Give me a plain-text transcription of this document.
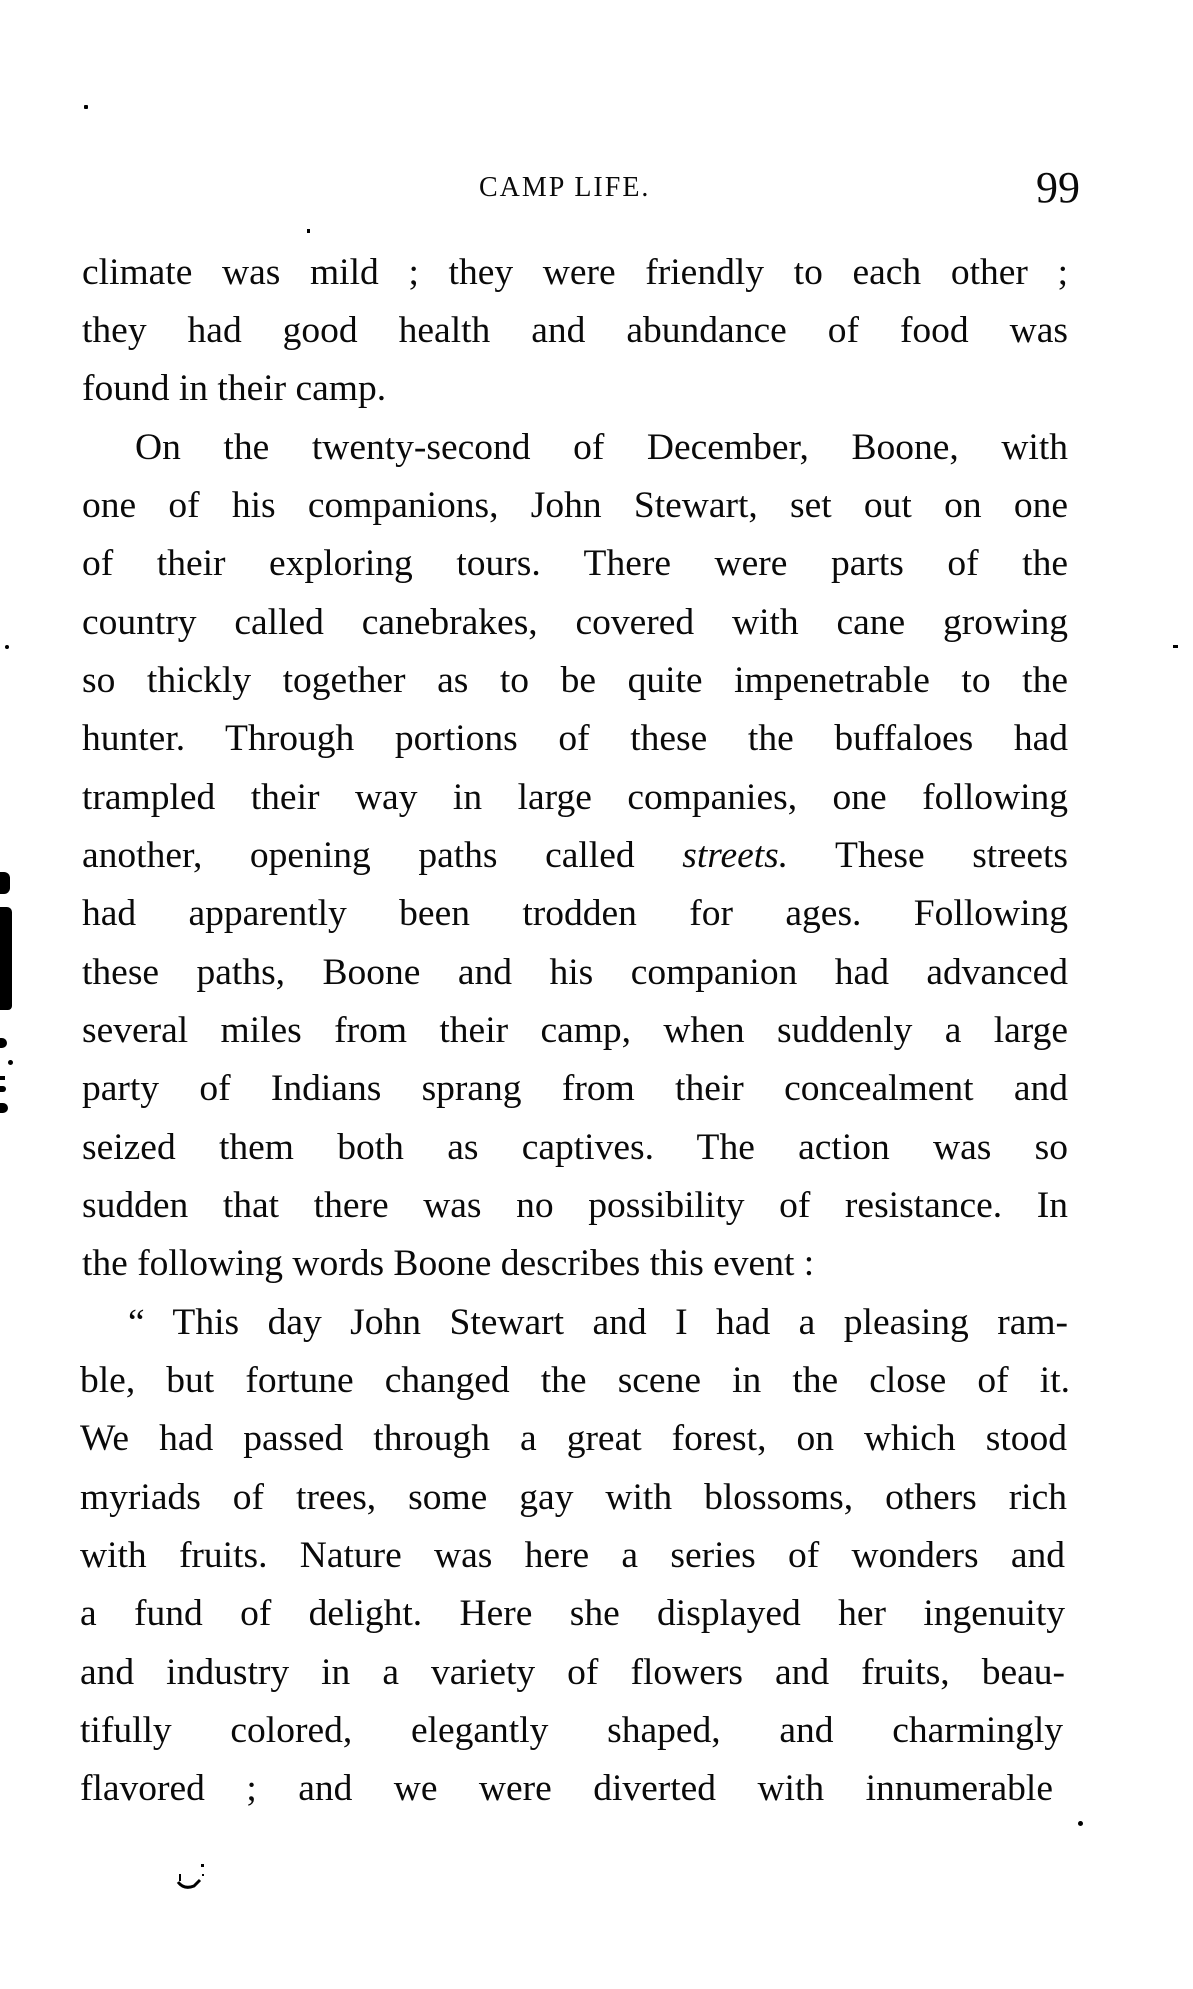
CAMP LIFE.	99
climate was mild ; they were friendly to each other ;
they had good health and abundance of food was
found in their camp.
On the twenty-second of December, Boone, with
one of his companions, John Stewart, set out on one
of their exploring tours. There were parts of the
country called canebrakes, covered with cane growing
so thickly together as to be quite impenetrable to the
hunter. Through portions of these the buffaloes had
trampled their way in large companies, one following
another, opening paths called streets. These streets
had apparently been trodden for ages. Following
these paths, Boone and his companion had advanced
several miles from their camp, when suddenly a large
party of Indians sprang from their concealment and
seized them both as captives. The action was so
sudden that there was no possibility of resistance. In
the following words Boone describes this event :
“ This day John Stewart and I had a pleasing ram-
ble, but fortune changed the scene in the close of it.
We had passed through a great forest, on which stood
myriads of trees, some gay with blossoms, others rich
with fruits. Nature was here a series of wonders and
a fund of delight. Here she displayed her ingenuity
and industry in a variety of flowers and fruits, beau-
tifully colored, elegantly shaped, and charmingly
flavored ; and we were diverted with innumerable
